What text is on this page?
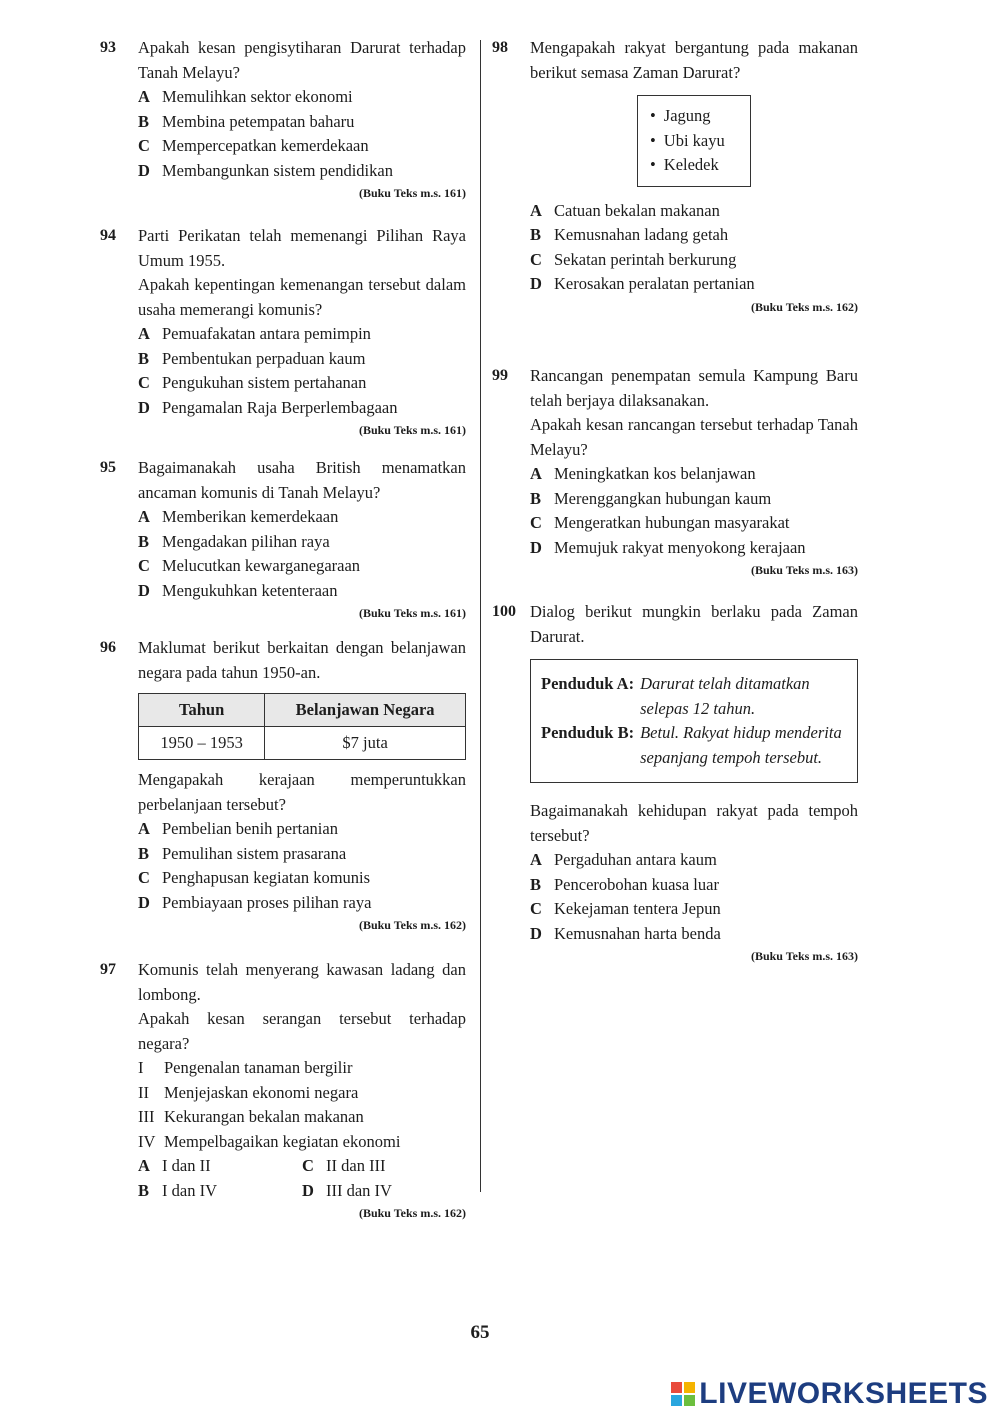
93 Apakah kesan pengisytiharan Darurat terhadap Tanah Melayu?
A Memulihkan sektor ekonomi
B Membina petempatan baharu
C Mempercepatkan kemerdekaan
D Membangunkan sistem pendidikan
(Buku Teks m.s. 161)
94 Parti Perikatan telah memenangi Pilihan Raya Umum 1955.
Apakah kepentingan kemenangan tersebut dalam usaha memerangi komunis?
A Pemuafakatan antara pemimpin
B Pembentukan perpaduan kaum
C Pengukuhan sistem pertahanan
D Pengamalan Raja Berperlembagaan
(Buku Teks m.s. 161)
95 Bagaimanakah usaha British menamatkan ancaman komunis di Tanah Melayu?
A Memberikan kemerdekaan
B Mengadakan pilihan raya
C Melucutkan kewarganegaraan
D Mengukuhkan ketenteraan
(Buku Teks m.s. 161)
96 Maklumat berikut berkaitan dengan belanjawan negara pada tahun 1950-an.
Tahun	Belanjawan Negara
1950 – 1953	$7 juta
Mengapakah kerajaan memperuntukkan perbelanjaan tersebut?
A Pembelian benih pertanian
B Pemulihan sistem prasarana
C Penghapusan kegiatan komunis
D Pembiayaan proses pilihan raya
(Buku Teks m.s. 162)
97 Komunis telah menyerang kawasan ladang dan lombong.
Apakah kesan serangan tersebut terhadap negara?
I	Pengenalan tanaman bergilir
II Menjejaskan ekonomi negara
III Kekurangan bekalan makanan
IV Mempelbagaikan kegiatan ekonomi
A I dan II	C II dan III
B I dan IV	D III dan IV
(Buku Teks m.s. 162)
98 Mengapakah rakyat bergantung pada makanan berikut semasa Zaman Darurat?
• Jagung
• Ubi kayu
• Keledek
A Catuan bekalan makanan
B Kemusnahan ladang getah
C Sekatan perintah berkurung
D Kerosakan peralatan pertanian
(Buku Teks m.s. 162)
99 Rancangan penempatan semula Kampung Baru telah berjaya dilaksanakan.
Apakah kesan rancangan tersebut terhadap Tanah Melayu?
A Meningkatkan kos belanjawan
B Merenggangkan hubungan kaum
C Mengeratkan hubungan masyarakat
D Memujuk rakyat menyokong kerajaan
(Buku Teks m.s. 163)
100 Dialog berikut mungkin berlaku pada Zaman Darurat.
Penduduk A: Darurat telah ditamatkan selepas 12 tahun.
Penduduk B: Betul. Rakyat hidup menderita sepanjang tempoh tersebut.
Bagaimanakah kehidupan rakyat pada tempoh tersebut?
A Pergaduhan antara kaum
B Pencerobohan kuasa luar
C Kekejaman tentera Jepun
D Kemusnahan harta benda
(Buku Teks m.s. 163)
65
LIVEWORKSHEETS
